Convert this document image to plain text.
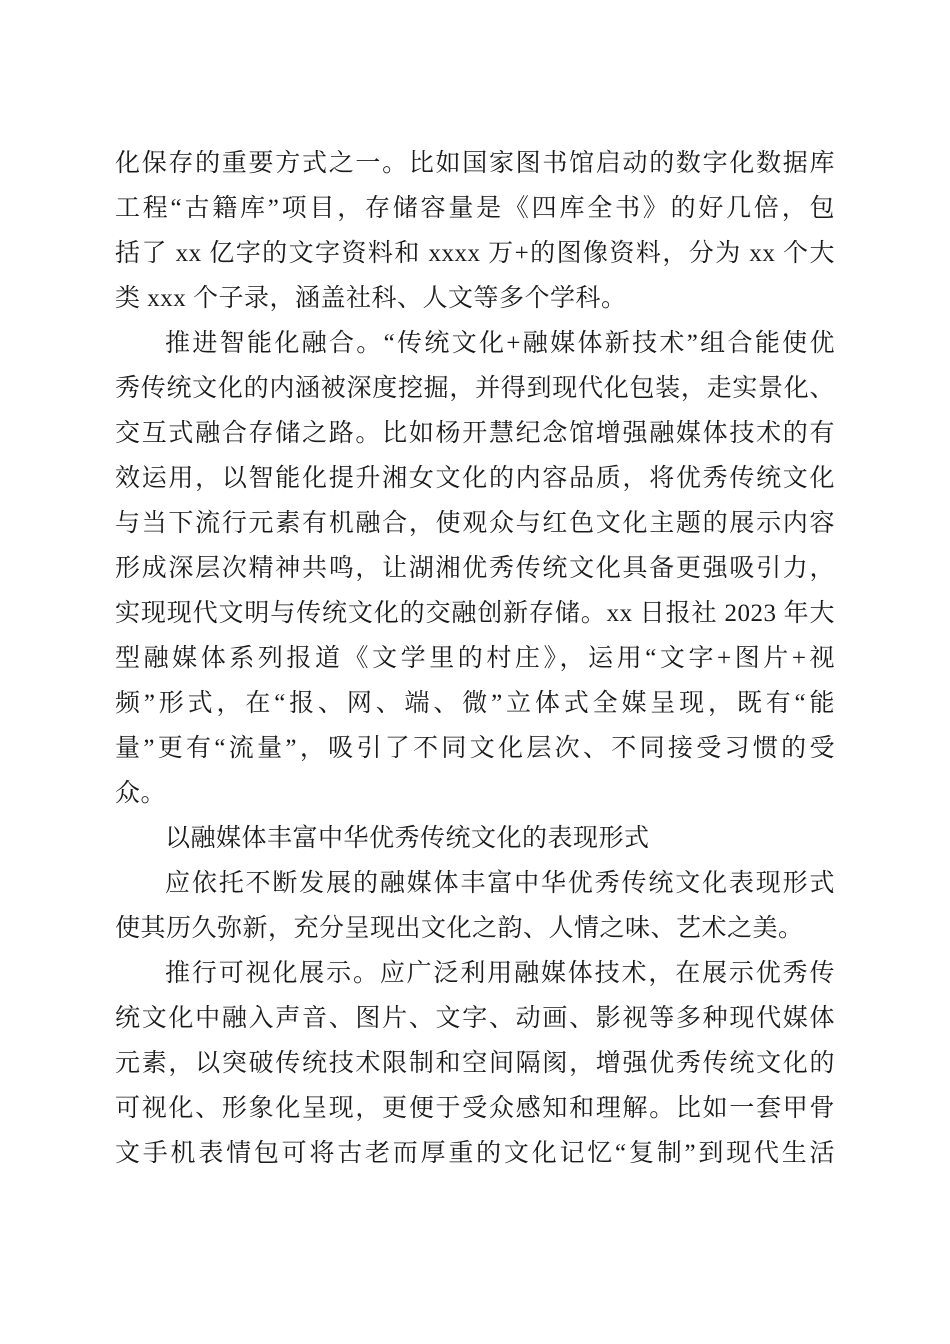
化保存的重要方式之一。比如国家图书馆启动的数字化数据库
工程“古籍库”项目，存储容量是《四库全书》的好几倍，包
括了 xx 亿字的文字资料和 xxxx 万+的图像资料，分为 xx 个大
类 xxx 个子录，涵盖社科、人文等多个学科。
推进智能化融合。“传统文化+融媒体新技术”组合能使优
秀传统文化的内涵被深度挖掘，并得到现代化包装，走实景化、
交互式融合存储之路。比如杨开慧纪念馆增强融媒体技术的有
效运用，以智能化提升湘女文化的内容品质，将优秀传统文化
与当下流行元素有机融合，使观众与红色文化主题的展示内容
形成深层次精神共鸣，让湖湘优秀传统文化具备更强吸引力，
实现现代文明与传统文化的交融创新存储。xx 日报社 2023 年大
型融媒体系列报道《文学里的村庄》，运用“文字+图片+视
频”形式，在“报、网、端、微”立体式全媒呈现，既有“能
量”更有“流量”，吸引了不同文化层次、不同接受习惯的受
众。
以融媒体丰富中华优秀传统文化的表现形式
应依托不断发展的融媒体丰富中华优秀传统文化表现形式
使其历久弥新，充分呈现出文化之韵、人情之味、艺术之美。
推行可视化展示。应广泛利用融媒体技术，在展示优秀传
统文化中融入声音、图片、文字、动画、影视等多种现代媒体
元素，以突破传统技术限制和空间隔阂，增强优秀传统文化的
可视化、形象化呈现，更便于受众感知和理解。比如一套甲骨
文手机表情包可将古老而厚重的文化记忆“复制”到现代生活
